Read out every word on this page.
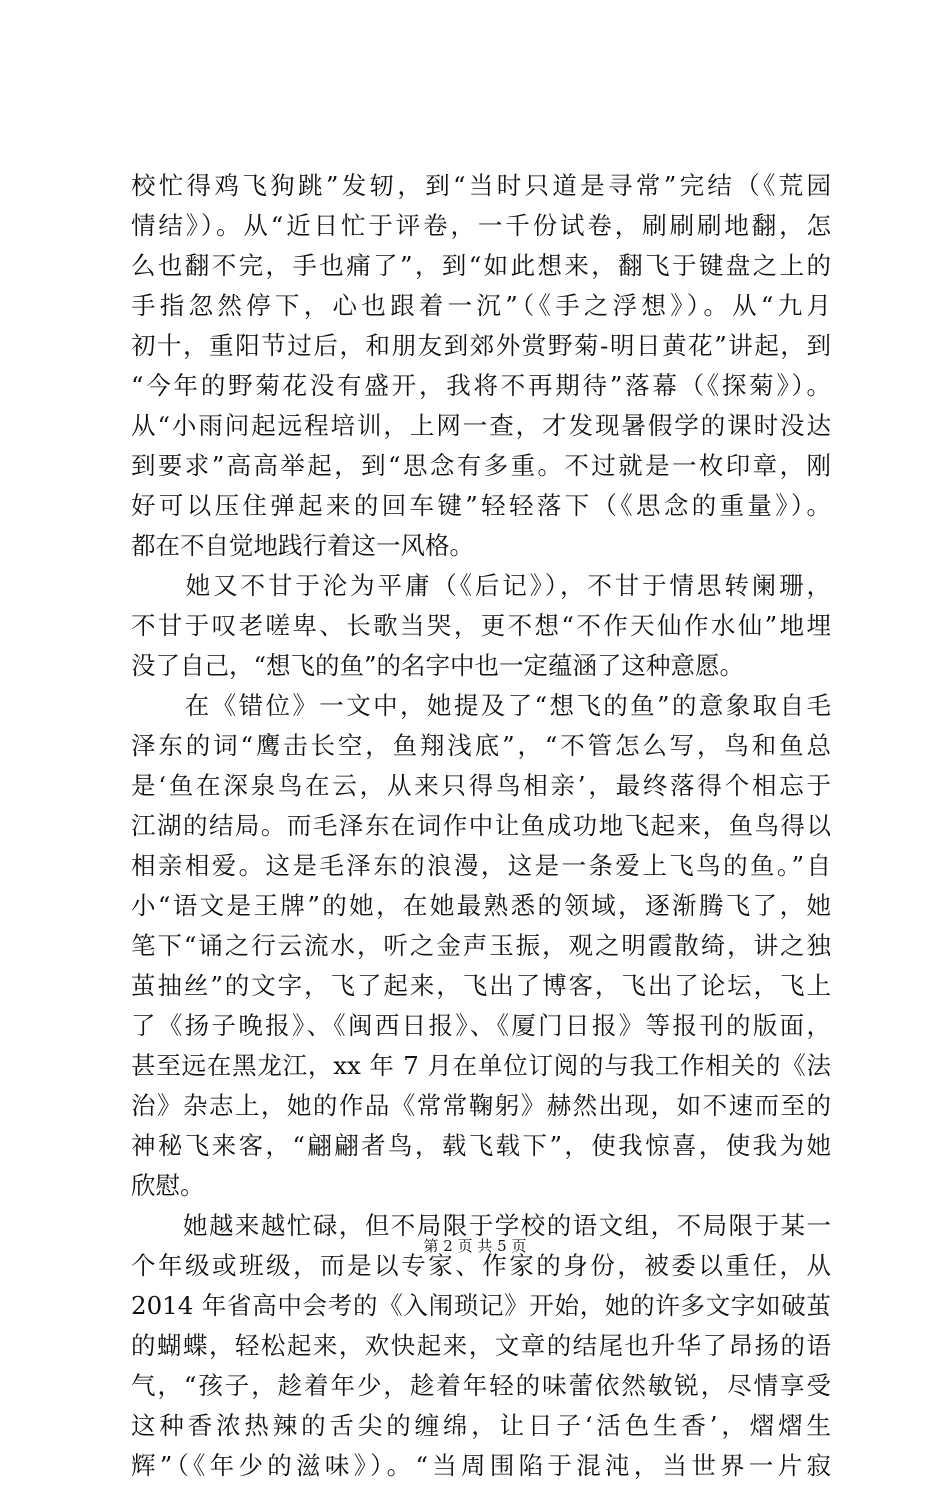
校忙得鸡飞狗跳”发轫，到“当时只道是寻常”完结（《荒园
情结》）。从“近日忙于评卷，一千份试卷，刷刷刷地翻，怎
么也翻不完，手也痛了”，到“如此想来，翻飞于键盘之上的
手指忽然停下，心也跟着一沉”（《手之浮想》）。从“九月
初十，重阳节过后，和朋友到郊外赏野菊-明日黄花”讲起，到
“今年的野菊花没有盛开，我将不再期待”落幕（《探菊》）。
从“小雨问起远程培训，上网一查，才发现暑假学的课时没达
到要求”高高举起，到“思念有多重。不过就是一枚印章，刚
好可以压住弹起来的回车键”轻轻落下（《思念的重量》）。
都在不自觉地践行着这一风格。
　　她又不甘于沦为平庸（《后记》），不甘于情思转阑珊，
不甘于叹老嗟卑、长歌当哭，更不想“不作天仙作水仙”地埋
没了自己，“想飞的鱼”的名字中也一定蕴涵了这种意愿。
　　在《错位》一文中，她提及了“想飞的鱼”的意象取自毛
泽东的词“鹰击长空，鱼翔浅底”，“不管怎么写，鸟和鱼总
是‘鱼在深泉鸟在云，从来只得鸟相亲’，最终落得个相忘于
江湖的结局。而毛泽东在词作中让鱼成功地飞起来，鱼鸟得以
相亲相爱。这是毛泽东的浪漫，这是一条爱上飞鸟的鱼。”自
小“语文是王牌”的她，在她最熟悉的领域，逐渐腾飞了，她
笔下“诵之行云流水，听之金声玉振，观之明霞散绮，讲之独
茧抽丝”的文字，飞了起来，飞出了博客，飞出了论坛，飞上
了《扬子晚报》、《闽西日报》、《厦门日报》等报刊的版面，
甚至远在黑龙江，xx 年 7 月在单位订阅的与我工作相关的《法
治》杂志上，她的作品《常常鞠躬》赫然出现，如不速而至的
神秘飞来客，“翩翩者鸟，载飞载下”，使我惊喜，使我为她
欣慰。
　　她越来越忙碌，但不局限于学校的语文组，不局限于某一
个年级或班级，而是以专家、作家的身份，被委以重任，从
2014 年省高中会考的《入闱琐记》开始，她的许多文字如破茧
的蝴蝶，轻松起来，欢快起来，文章的结尾也升华了昂扬的语
气，“孩子，趁着年少，趁着年轻的味蕾依然敏锐，尽情享受
这种香浓热辣的舌尖的缠绵，让日子‘活色生香’，熠熠生
辉”（《年少的滋味》）。“当周围陷于混沌，当世界一片寂
第 2 页 共 5 页
